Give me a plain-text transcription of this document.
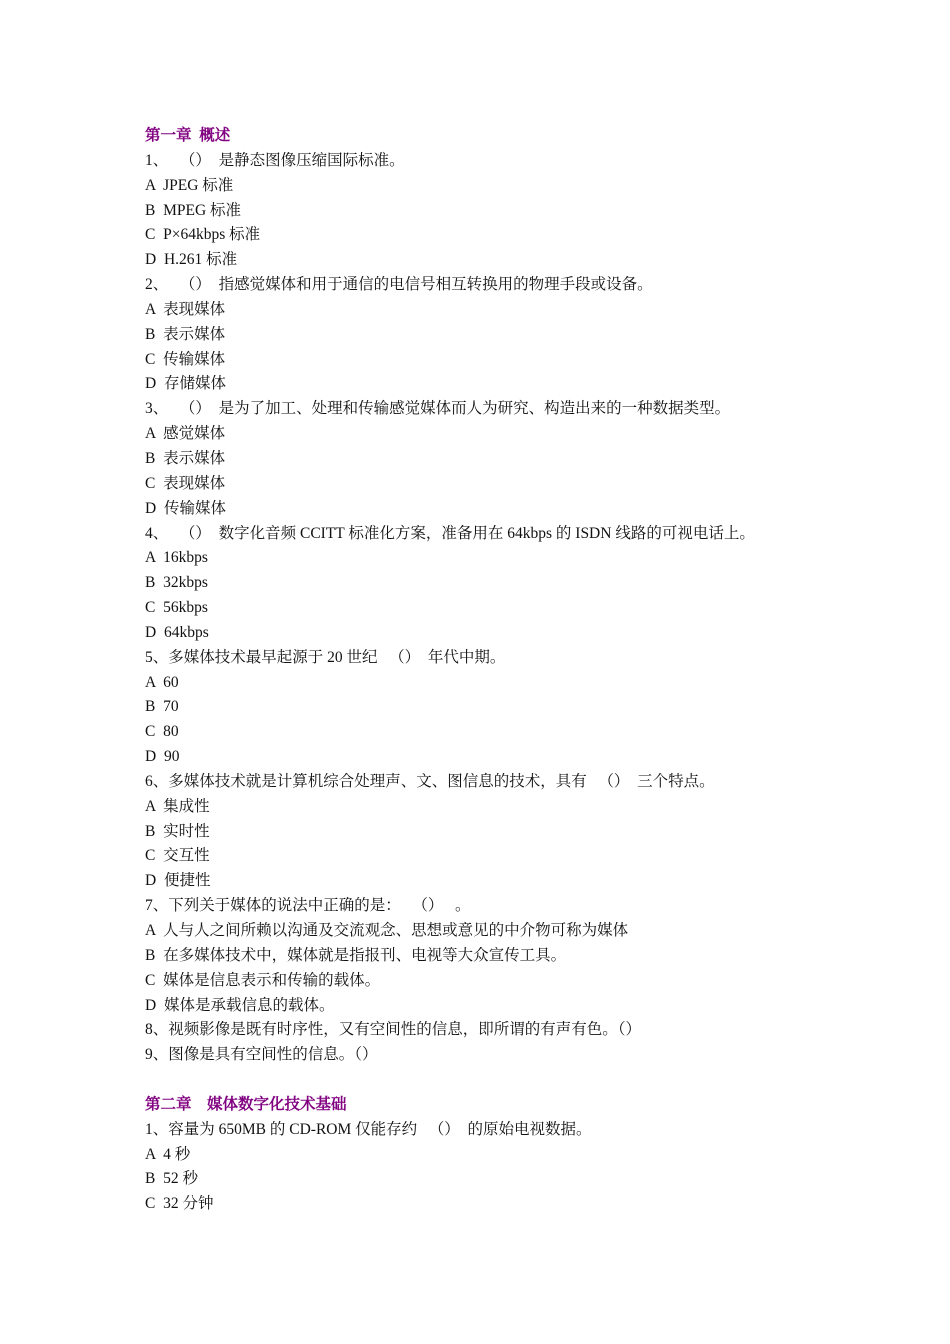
第一章  概述
1、   （）  是静态图像压缩国际标准。
A  JPEG 标准
B  MPEG 标准
C  P×64kbps 标准
D  H.261 标准
2、   （）  指感觉媒体和用于通信的电信号相互转换用的物理手段或设备。
A  表现媒体
B  表示媒体
C  传输媒体
D  存储媒体
3、   （）  是为了加工、处理和传输感觉媒体而人为研究、构造出来的一种数据类型。
A  感觉媒体
B  表示媒体
C  表现媒体
D  传输媒体
4、   （）  数字化音频 CCITT 标准化方案，准备用在 64kbps 的 ISDN 线路的可视电话上。
A  16kbps
B  32kbps
C  56kbps
D  64kbps
5、多媒体技术最早起源于 20 世纪   （）  年代中期。
A  60
B  70
C  80
D  90
6、多媒体技术就是计算机综合处理声、文、图信息的技术，具有   （）  三个特点。
A  集成性
B  实时性
C  交互性
D  便捷性
7、下列关于媒体的说法中正确的是：   （）   。
A  人与人之间所赖以沟通及交流观念、思想或意见的中介物可称为媒体
B  在多媒体技术中，媒体就是指报刊、电视等大众宣传工具。
C  媒体是信息表示和传输的载体。
D  媒体是承载信息的载体。
8、视频影像是既有时序性，又有空间性的信息，即所谓的有声有色。（）
9、图像是具有空间性的信息。（）
第二章    媒体数字化技术基础
1、容量为 650MB 的 CD-ROM 仅能存约   （）  的原始电视数据。
A  4 秒
B  52 秒
C  32 分钟
